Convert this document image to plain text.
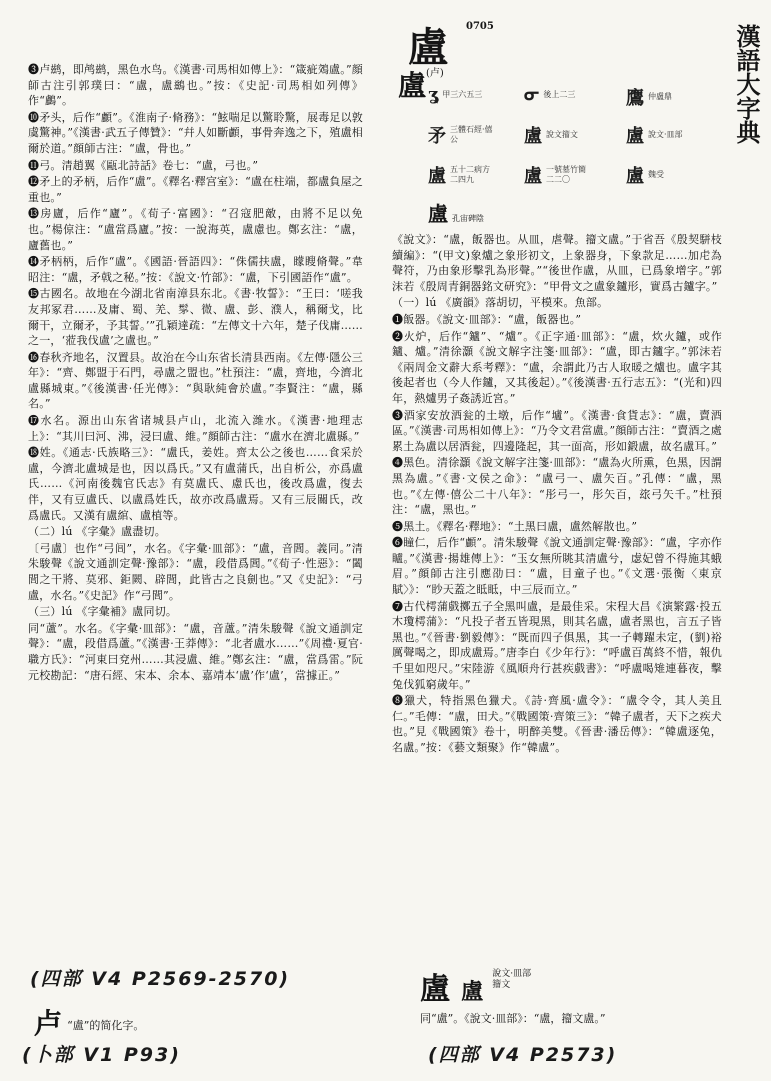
0705	漢語大字典
盧
盧$^{(卢)}$
ʓ 甲三六五三 ᓂ 後上二三	鷹 仲盧鼎
矛 三體石經·僖公	盧 說文籀文	盧 說文·皿部
盧 五十二病方二四九	盧 一號墓竹簡二二〇	盧 魏受
盧孔宙碑陰

❸卢鹚，即鸬鹚，黑色水鸟。《漢書·司馬相如傳上》：“箴疵鵁盧。”顔師古注引郭璞曰：“盧，盧鷀也。”按：《史記·司馬相如列傳》作“鸕”。

❿矛头，后作“顱”。《淮南子·脩務》：“鮌喘足以驚聆驚，展毒足以敦虞驚神。”《漢書·武五子傳贊》：“幷人如斷顱，事骨奔逸之下，殖盧相爾於道。”顔師古注：“盧，骨也。”

⓫弓。清趙翼《甌北詩話》卷七：“盧，弓也。”

⓬矛上的矛柄，后作“盧”。《釋名·釋宫室》：“盧在柱端，都盧負屋之重也。”

⓭房廬，后作“廬”。《荀子·富國》：“召寇肥敵，由將不足以免也。”楊倞注：“盧當爲廬。”按：一說海英，盧慮也。鄭玄注：“盧，廬舊也。”

⓮矛柄柄，后作“盧”。《國語·晉語四》：“侏儒扶盧，矇瞍脩聲。”韋昭注：“盧，矛戟之秘。”按：《說文·竹部》：“盧，下引國語作“盧”。

⓯古國名。故地在今湖北省南漳县东北。《書·牧誓》：“王曰：‘嗟我友邦冢君……及庸、蜀、羌、髳、微、盧、彭、濮人，稱爾戈，比爾干，立爾矛，予其誓。’”孔穎達疏：“左傳文十六年，楚子伐庸……之一，‘蒞我伐盧’之盧也。”

⓰春秋齐地名，汉置县。故治在今山东省长清县西南。《左傳·隱公三年》：“齊、鄭盟于石門，尋盧之盟也。”杜預注：“盧，齊地，今濟北盧縣城東。”《後漢書·任光傳》：“與耿純會於盧。”李賢注：“盧，縣名。”

⓱水名。源出山东省诸城县卢山，北流入潍水。《漢書·地理志上》：“其川曰河、沸，浸曰盧、維。”顔師古注：“盧水在濟北盧縣。”

⓲姓。《通志·氏族略三》：“盧氏，姜姓。齊太公之後也……食采於盧，今濟北盧城是也，因以爲氏。”又有盧蒲氏，出自析公，亦爲盧氏……《河南後魏官氏志》有莫盧氏、慮氏也，後改爲盧，復去伴，又有豆盧氏、以盧爲姓氏，故亦改爲盧焉。又有三辰關氏，改爲盧氏。又漢有盧綰、盧植等。

（二）lú 《字彙》盧盡切。

〔弓盧〕也作“弓闾”，水名。《字彙·皿部》：“盧，音閭。義同。”清朱駿聲《說文通訓定聲·豫部》：“盧，段借爲閭。”《荀子·性惡》：“闔閭之干將、莫邪、鉅闕、辟閭，此皆古之良劍也。”又《史記》：“弓盧，水名。”《史記》作“弓閭”。

（三）lú 《字彙補》盧同切。

同“蘆”。水名。《字彙·皿部》：“盧，音蘆。”清朱駿聲《說文通訓定聲》：“盧，段借爲蘆。”《漢書·王莽傳》：“北者盧水……”《周禮·夏官·職方氏》：“河東曰兗州……其浸盧、維。”鄭玄注：“盧，當爲雷。”阮元校勘記：“唐石經、宋本、余本、嘉靖本‘盧’作‘盧’，當據正。”

(四部 V4 P2569-2570)
卢 $^{“盧”的简化字。}$
(卜部 V1 P93)

《說文》：“盧，飯器也。从皿，虐聲。籀文盧。”于省吾《殷契駢枝續編》：“(甲文)象爐之象形初文，上象器身，下象款足……加虍為聲符，乃由象形擊乳為形聲。”“後世作盧，从皿，已爲象增字。”郭沫若《殷周青銅器銘文研究》：“甲骨文之盧象鑪形，實爲古鑪字。”

（一）lú 《廣韻》落胡切，平模來。魚部。

❶飯器。《說文·皿部》：“盧，飯器也。”

❷火炉，后作“鑪”、“爐”。《正字通·皿部》：“盧，炊火鑪，或作鑪、爐。”清徐灝《說文解字注箋·皿部》：“盧，即古鑪字。”郭沫若《兩周金文辭大系考釋》：“盧，余謂此乃古人取暖之爐也。盧字其後起者也（今人作鑪，又其後起）。”《後漢書·五行志五》：“(光和)四年，熱爐男子姦誘近宮。”

❸酒家安放酒瓮的土墩，后作“壚”。《漢書·食貨志》：“盧，賣酒區。”《漢書·司馬相如傳上》：“乃令文君當盧。”顔師古注：“賣酒之處累土為盧以居酒瓮，四邊隆起，其一面高，形如鍛盧，故名盧耳。”

❹黑色。清徐灝《說文解字注箋·皿部》：“盧為火所熏，色黑，因謂黑為盧。”《書·文侯之命》：“盧弓一、盧矢百。”孔傳：“盧，黑也。”《左傳·僖公二十八年》：“彤弓一，彤矢百，玈弓矢千。”杜預注：“盧，黑也。”

❺黑土。《釋名·釋地》：“土黑曰盧，盧然解散也。”

❻瞳仁，后作“顱”。清朱駿聲《說文通訓定聲·豫部》：“盧，字亦作矑。”《漢書·揚雄傳上》：“玉女無所眺其清盧兮，虙妃曾不得施其蛾眉。”顔師古注引應劭曰：“盧，目童子也。”《文選·張衡〈東京賦〉》：“眇天蓋之眡眡，中三辰而立。”

❼古代樗蒲戲擲五子全黑叫盧，是最佳采。宋程大昌《演繁露·投五木瓊樗蒲》：“凡投子者五皆現黑，則其名盧，盧者黑也，言五子皆黑也。”《晉書·劉毅傳》：“既而四子俱黑，其一子轉躍未定，(劉)裕厲聲喝之，即成盧焉。”唐李白《少年行》：“呼盧百萬終不惜，報仇千里如咫尺。”宋陸游《風順舟行甚疾戲書》：“呼盧喝雉連暮夜，擊兔伐狐窮歲年。”

❽獵犬，特指黑色獵犬。《詩·齊風·盧令》：“盧令令，其人美且仁。”毛傳：“盧，田犬。”《戰國策·齊策三》：“韓子盧者，天下之疾犬也。”見《戰國策》卷十，明醉美雙。《晉書·潘岳傳》：“韓盧逐兔，名盧。”按：《藝文類聚》作“韓盧”。

盧 盧 說文·皿部
籀文
同“盧”。《說文·皿部》：“盧，籀文盧。”
(四部 V4 P2573)
